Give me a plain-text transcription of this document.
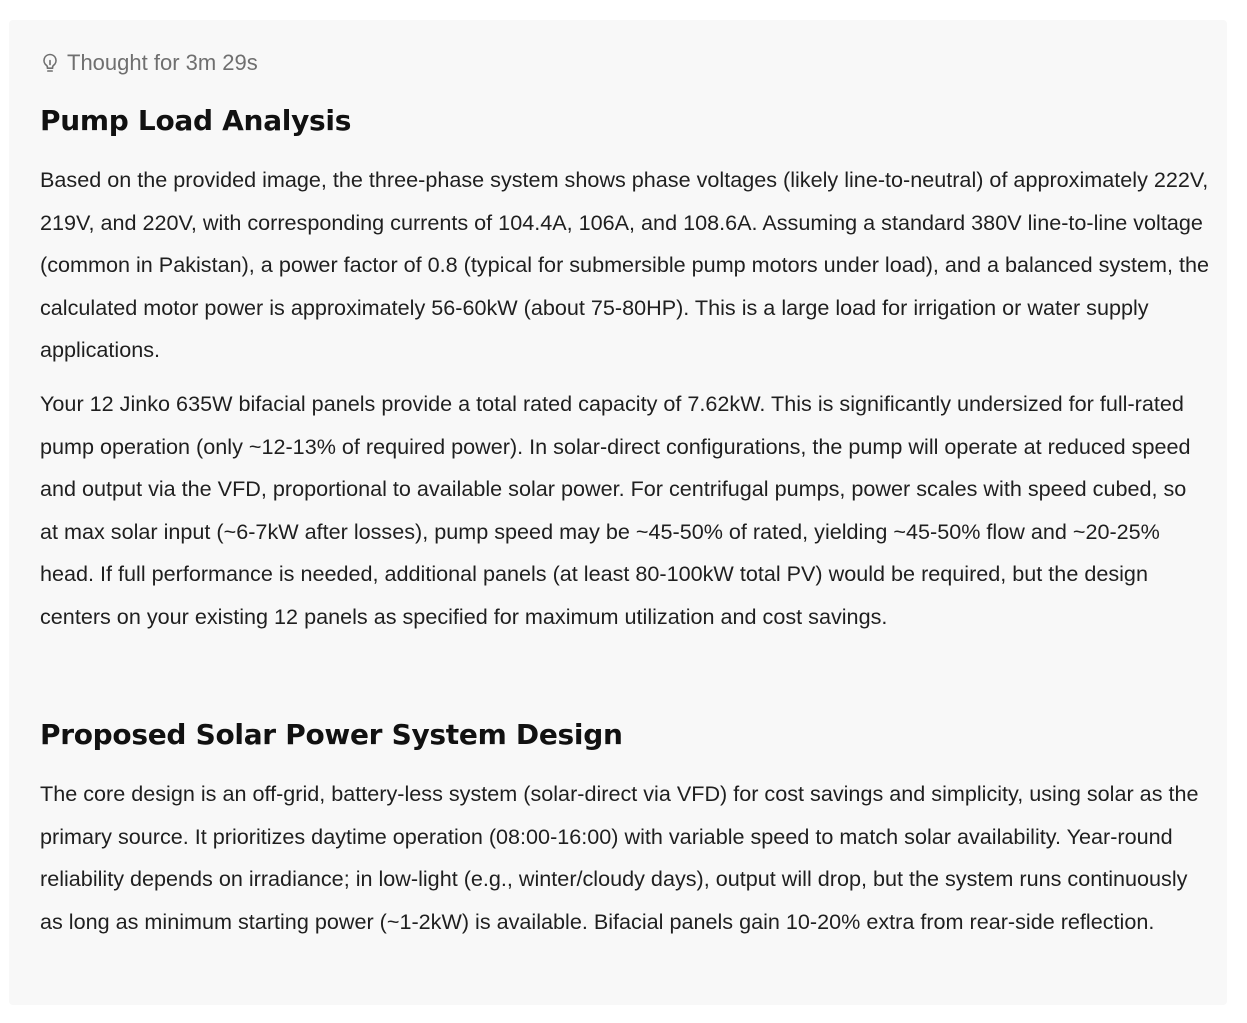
Thought for 3m 29s
Pump Load Analysis

Based on the provided image, the three-phase system shows phase voltages (likely line-to-neutral) of approximately 222V, 219V, and 220V, with corresponding currents of 104.4A, 106A, and 108.6A. Assuming a standard 380V line-to-line voltage (common in Pakistan), a power factor of 0.8 (typical for submersible pump motors under load), and a balanced system, the calculated motor power is approximately 56-60kW (about 75-80HP). This is a large load for irrigation or water supply applications.

Your 12 Jinko 635W bifacial panels provide a total rated capacity of 7.62kW. This is significantly undersized for full-rated pump operation (only ~12-13% of required power). In solar-direct configurations, the pump will operate at reduced speed and output via the VFD, proportional to available solar power. For centrifugal pumps, power scales with speed cubed, so at max solar input (~6-7kW after losses), pump speed may be ~45-50% of rated, yielding ~45-50% flow and ~20-25% head. If full performance is needed, additional panels (at least 80-100kW total PV) would be required, but the design centers on your existing 12 panels as specified for maximum utilization and cost savings.

Proposed Solar Power System Design

The core design is an off-grid, battery-less system (solar-direct via VFD) for cost savings and simplicity, using solar as the primary source. It prioritizes daytime operation (08:00-16:00) with variable speed to match solar availability. Year-round reliability depends on irradiance; in low-light (e.g., winter/cloudy days), output will drop, but the system runs continuously as long as minimum starting power (~1-2kW) is available. Bifacial panels gain 10-20% extra from rear-side reflection.
